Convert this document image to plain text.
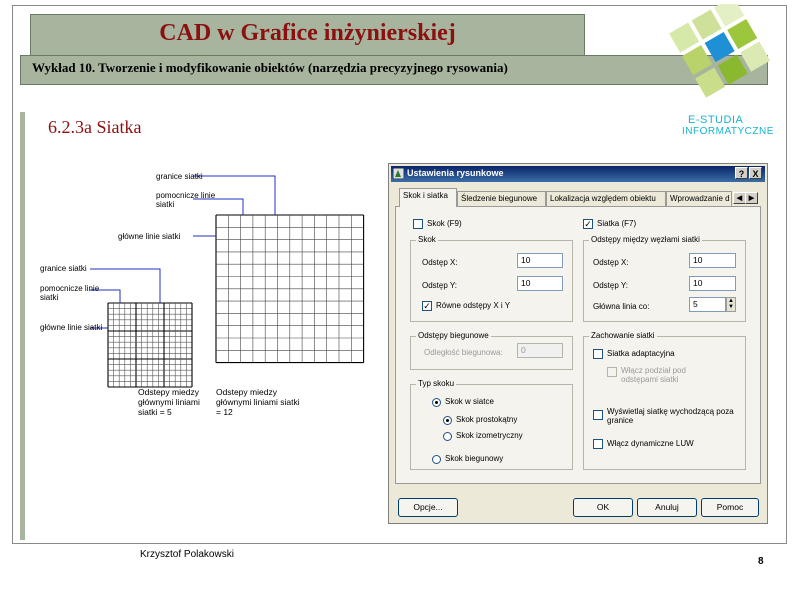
CAD w Grafice inżynierskiej
Wykład 10. Tworzenie i modyfikowanie obiektów (narzędzia precyzyjnego rysowania)
6.2.3a Siatka	E-STUDIA
INFORMATYCZNE
granice siatki
pomocnicze linie siatki
główne linie siatki
granice siatki
pomocnicze linie siatki
główne linie siatki
Odstepy miedzy głównymi liniami siatki = 5
Odstepy miedzy głównymi liniami siatki = 12
Ustawienia rysunkowe	? X
Skok i siatka	Śledzenie biegunowe	Lokalizacja względem obiektu	Wprowadzanie d	◀ ▶
Skok (F9)
Skok
Odstęp X:	10
Odstęp Y:	10
✓ Równe odstępy X i Y
Odstępy biegunowe
Odległość biegunowa:	0
Typ skoku
Skok w siatce
Skok prostokątny
Skok izometryczny
Skok biegunowy
✓ Siatka (F7)
Odstępy między węzłami siatki
Odstęp X:	10
Odstęp Y:	10
Główna linia co:	5	▲
▼
Zachowanie siatki
Siatka adaptacyjna
Włącz podział pod odstępami siatki
Wyświetlaj siatkę wychodzącą poza granice
Włącz dynamiczne LUW
Opcje...	OK	Anuluj	Pomoc
Krzysztof Polakowski
8
